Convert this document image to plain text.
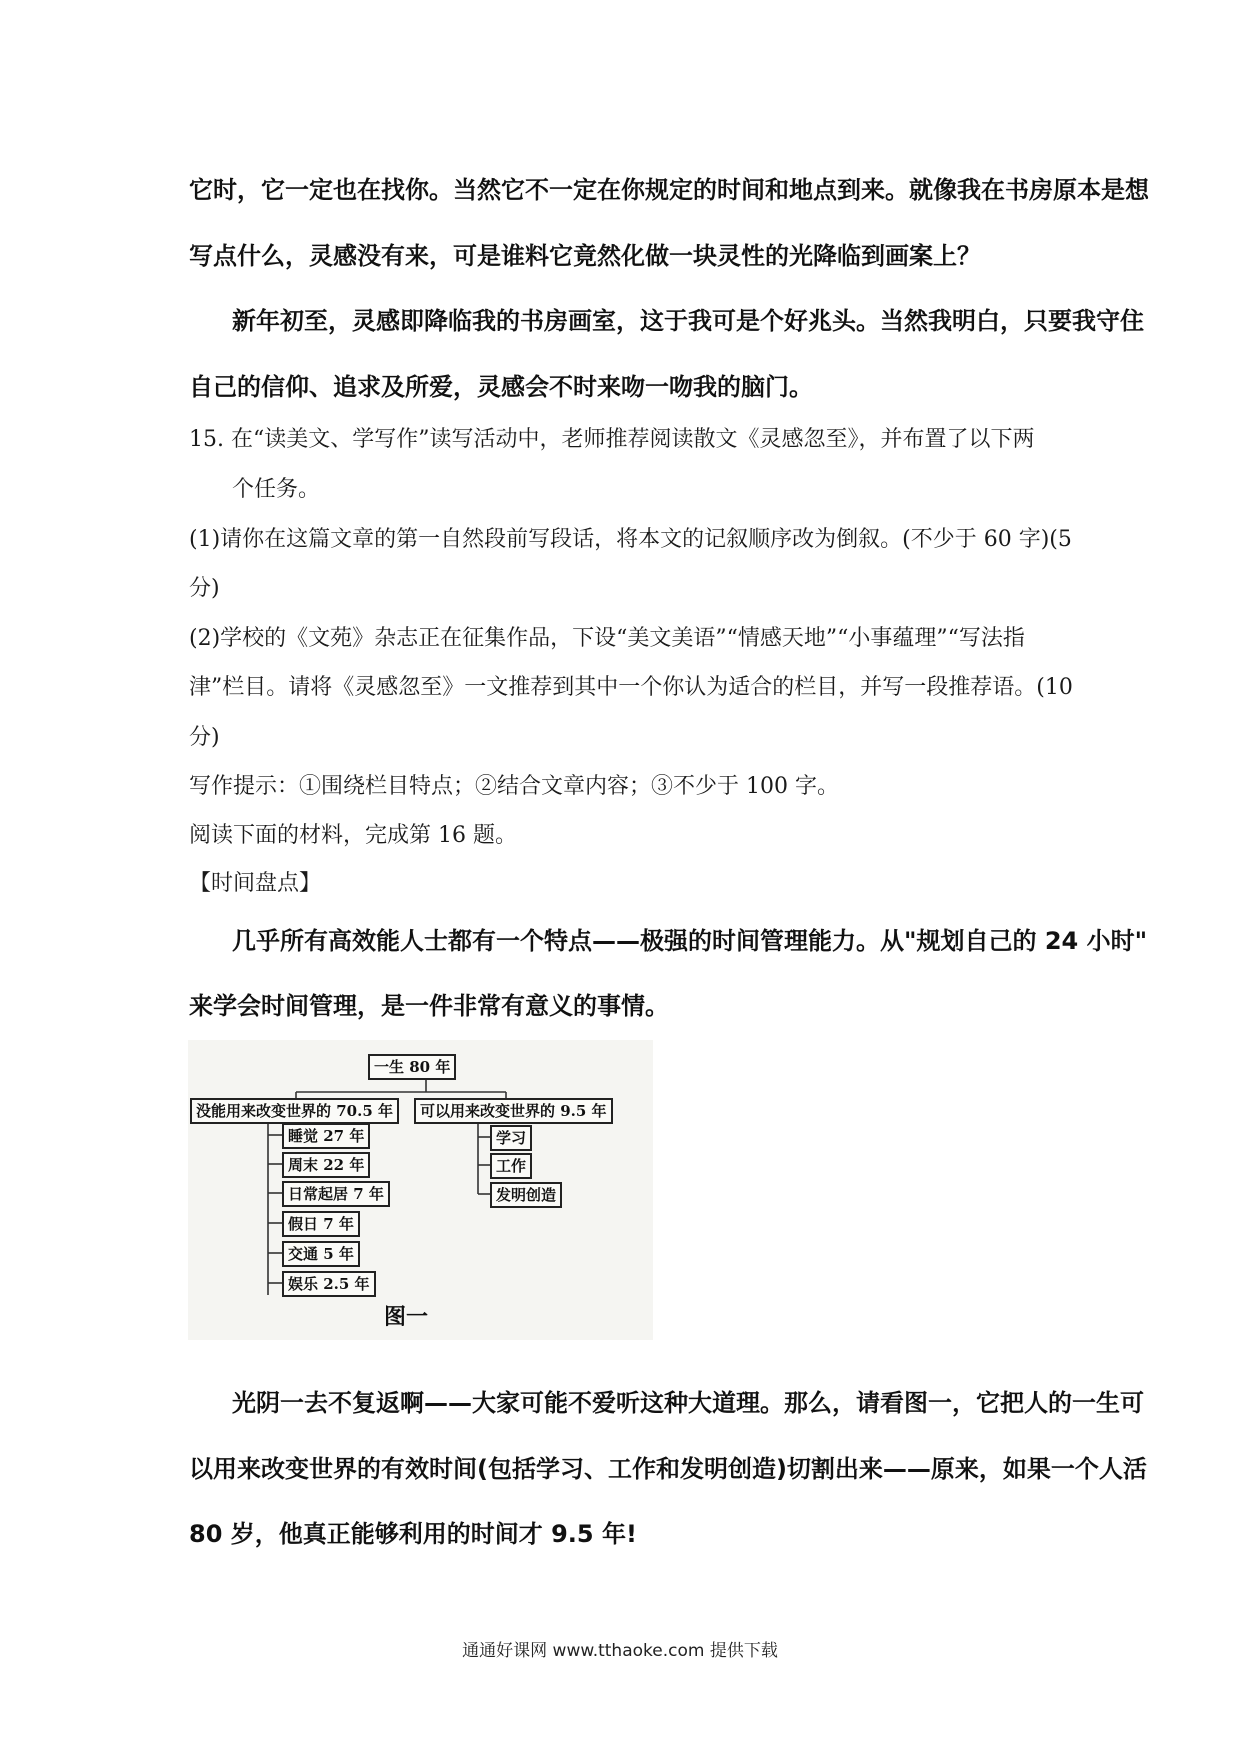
它时，它一定也在找你。当然它不一定在你规定的时间和地点到来。就像我在书房原本是想
写点什么，灵感没有来，可是谁料它竟然化做一块灵性的光降临到画案上？
新年初至，灵感即降临我的书房画室，这于我可是个好兆头。当然我明白，只要我守住
自己的信仰、追求及所爱，灵感会不时来吻一吻我的脑门。
15. 在“读美文、学写作”读写活动中，老师推荐阅读散文《灵感忽至》，并布置了以下两
个任务。
(1)请你在这篇文章的第一自然段前写段话，将本文的记叙顺序改为倒叙。(不少于 60 字)(5
分)
(2)学校的《文苑》杂志正在征集作品，下设“美文美语”“情感天地”“小事蕴理”“写法指
津”栏目。请将《灵感忽至》一文推荐到其中一个你认为适合的栏目，并写一段推荐语。(10
分)
写作提示：①围绕栏目特点；②结合文章内容；③不少于 100 字。
阅读下面的材料，完成第 16 题。
【时间盘点】
几乎所有高效能人士都有一个特点——极强的时间管理能力。从"规划自己的 24 小时"
来学会时间管理，是一件非常有意义的事情。
一生 80 年
没能用来改变世界的 70.5 年	可以用来改变世界的 9.5 年
睡觉 27 年
周末 22 年
日常起居 7 年
假日 7 年
交通 5 年
娱乐 2.5 年
学习
工作
发明创造
图一
光阴一去不复返啊——大家可能不爱听这种大道理。那么，请看图一，它把人的一生可
以用来改变世界的有效时间(包括学习、工作和发明创造)切割出来——原来，如果一个人活
80 岁，他真正能够利用的时间才 9.5 年!
通通好课网 www.tthaoke.com 提供下载
